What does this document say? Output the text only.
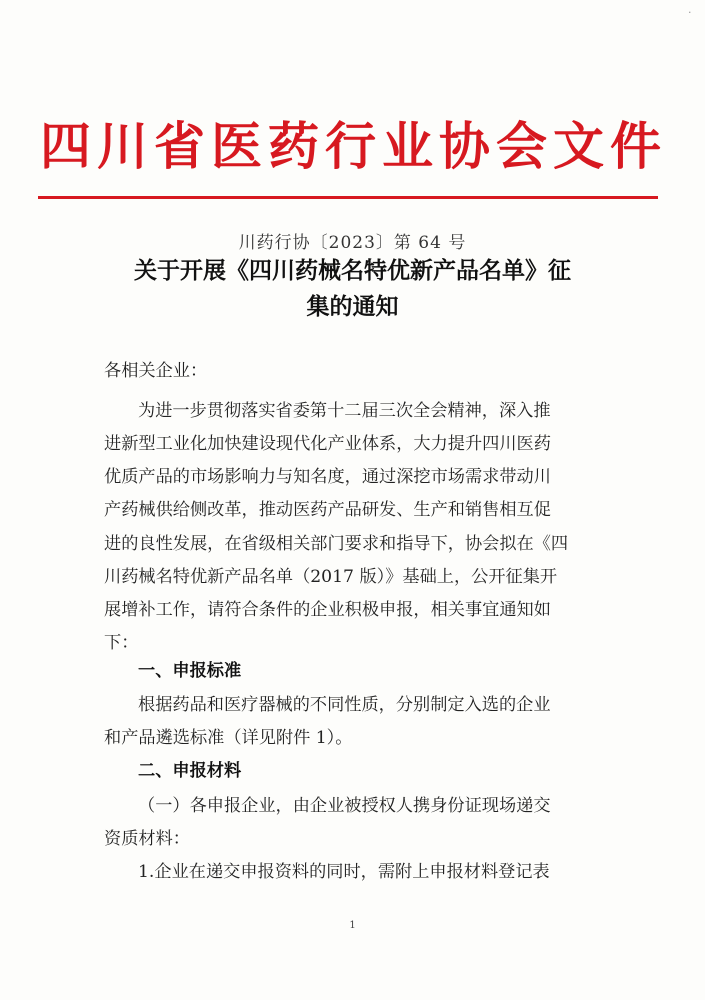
·
四川省医药行业协会文件
川药行协〔2023〕第 64 号
关于开展《四川药械名特优新产品名单》征
集的通知
各相关企业：
为进一步贯彻落实省委第十二届三次全会精神，深入推
进新型工业化加快建设现代化产业体系，大力提升四川医药
优质产品的市场影响力与知名度，通过深挖市场需求带动川
产药械供给侧改革，推动医药产品研发、生产和销售相互促
进的良性发展，在省级相关部门要求和指导下，协会拟在《四
川药械名特优新产品名单（2017 版）》基础上，公开征集开
展增补工作，请符合条件的企业积极申报，相关事宜通知如
下：
一、申报标准
根据药品和医疗器械的不同性质，分别制定入选的企业
和产品遴选标准（详见附件 1）。
二、申报材料
（一）各申报企业，由企业被授权人携身份证现场递交
资质材料：
1.企业在递交申报资料的同时，需附上申报材料登记表
1
